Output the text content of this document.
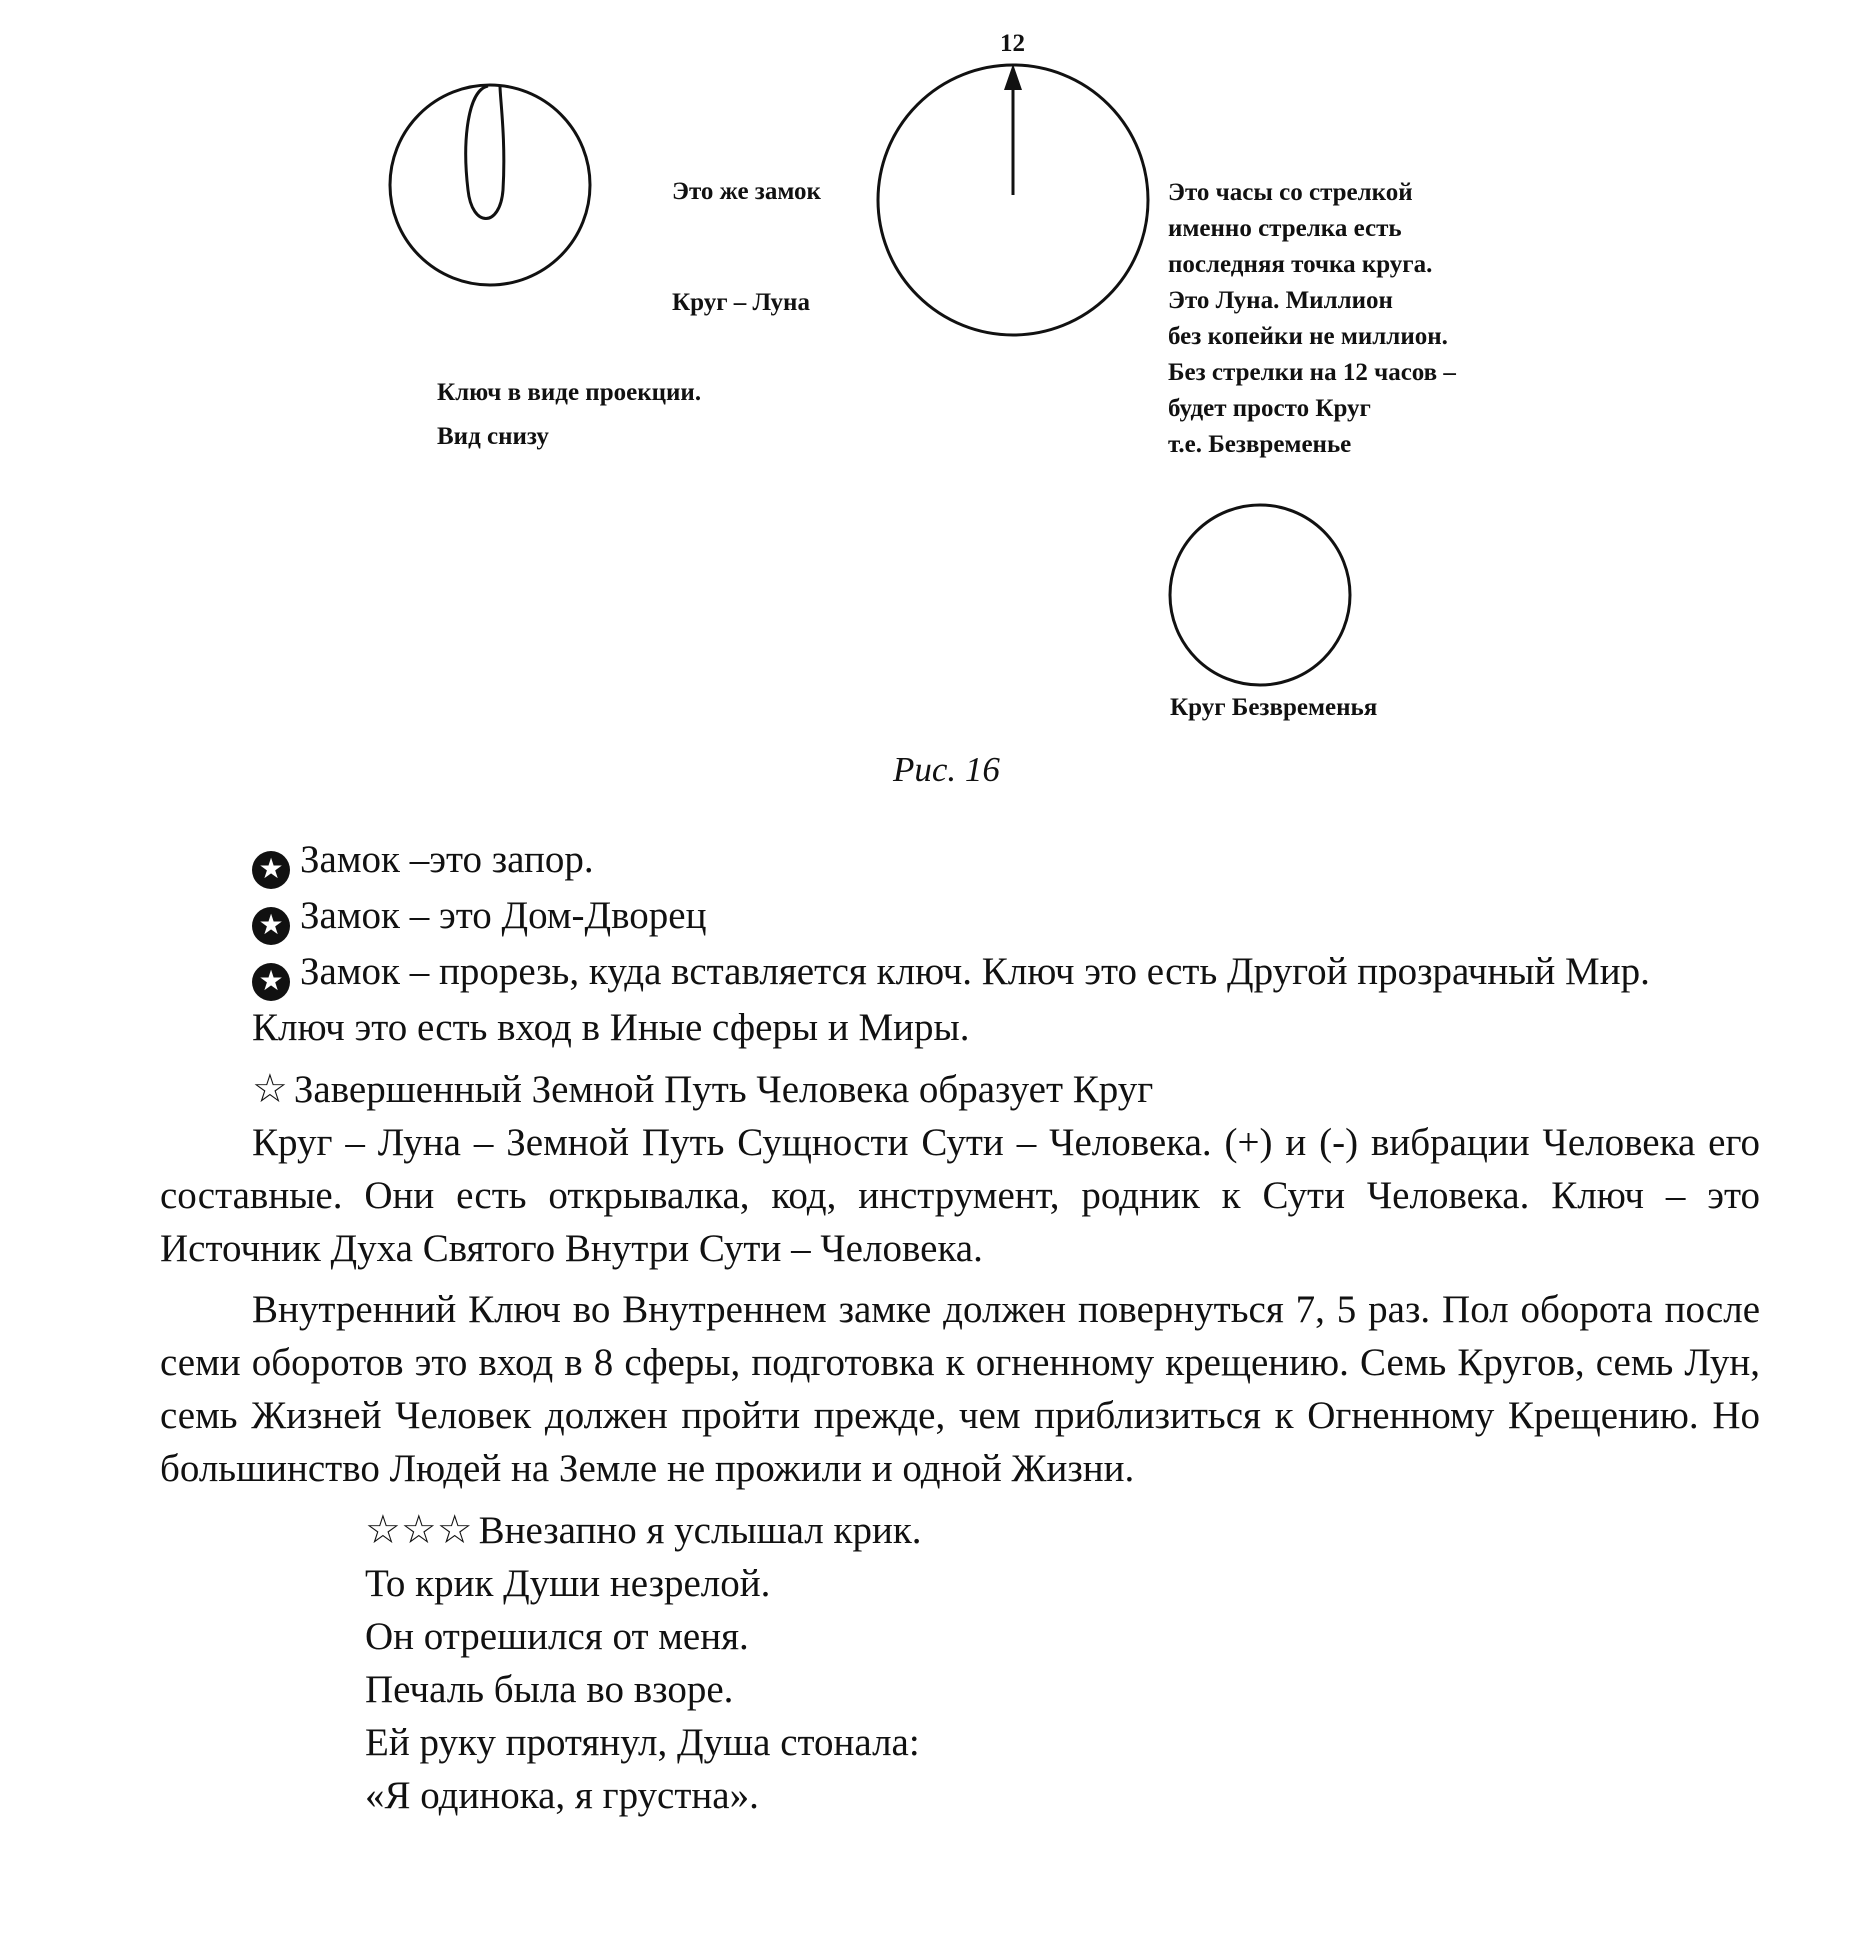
12
Это же замок
Круг – Луна
Ключ в виде проекции.
Вид снизу
Это часы со стрелкой
именно стрелка есть
последняя точка круга.
Это Луна. Миллион
без копейки не миллион.
Без стрелки на 12 часов –
будет просто Круг
т.е. Безвременье
Круг Безвременья
Рис. 16

★ Замок –это запор.

★ Замок – это Дом-Дворец

★ Замок – прорезь, куда вставляется ключ. Ключ это есть Другой прозрачный Мир.

Ключ это есть вход в Иные сферы и Миры.

☆ Завершенный Земной Путь Человека образует Круг

Круг – Луна – Земной Путь Сущности Сути – Человека. (+) и (-) вибрации Человека его составные. Они есть открывалка, код, инструмент, родник к Сути Человека. Ключ – это Источник Духа Святого Внутри Сути – Человека.

Внутренний Ключ во Внутреннем замке должен повернуться 7, 5 раз. Пол оборота после семи оборотов это вход в 8 сферы, подготовка к огненному крещению. Семь Кругов, семь Лун, семь Жизней Человек должен пройти прежде, чем приблизиться к Огненному Крещению. Но большинство Людей на Земле не прожили и одной Жизни.

☆☆☆ Внезапно я услышал крик.

То крик Души незрелой.

Он отрешился от меня.

Печаль была во взоре.

Ей руку протянул, Душа стонала:

«Я одинока, я грустна».
